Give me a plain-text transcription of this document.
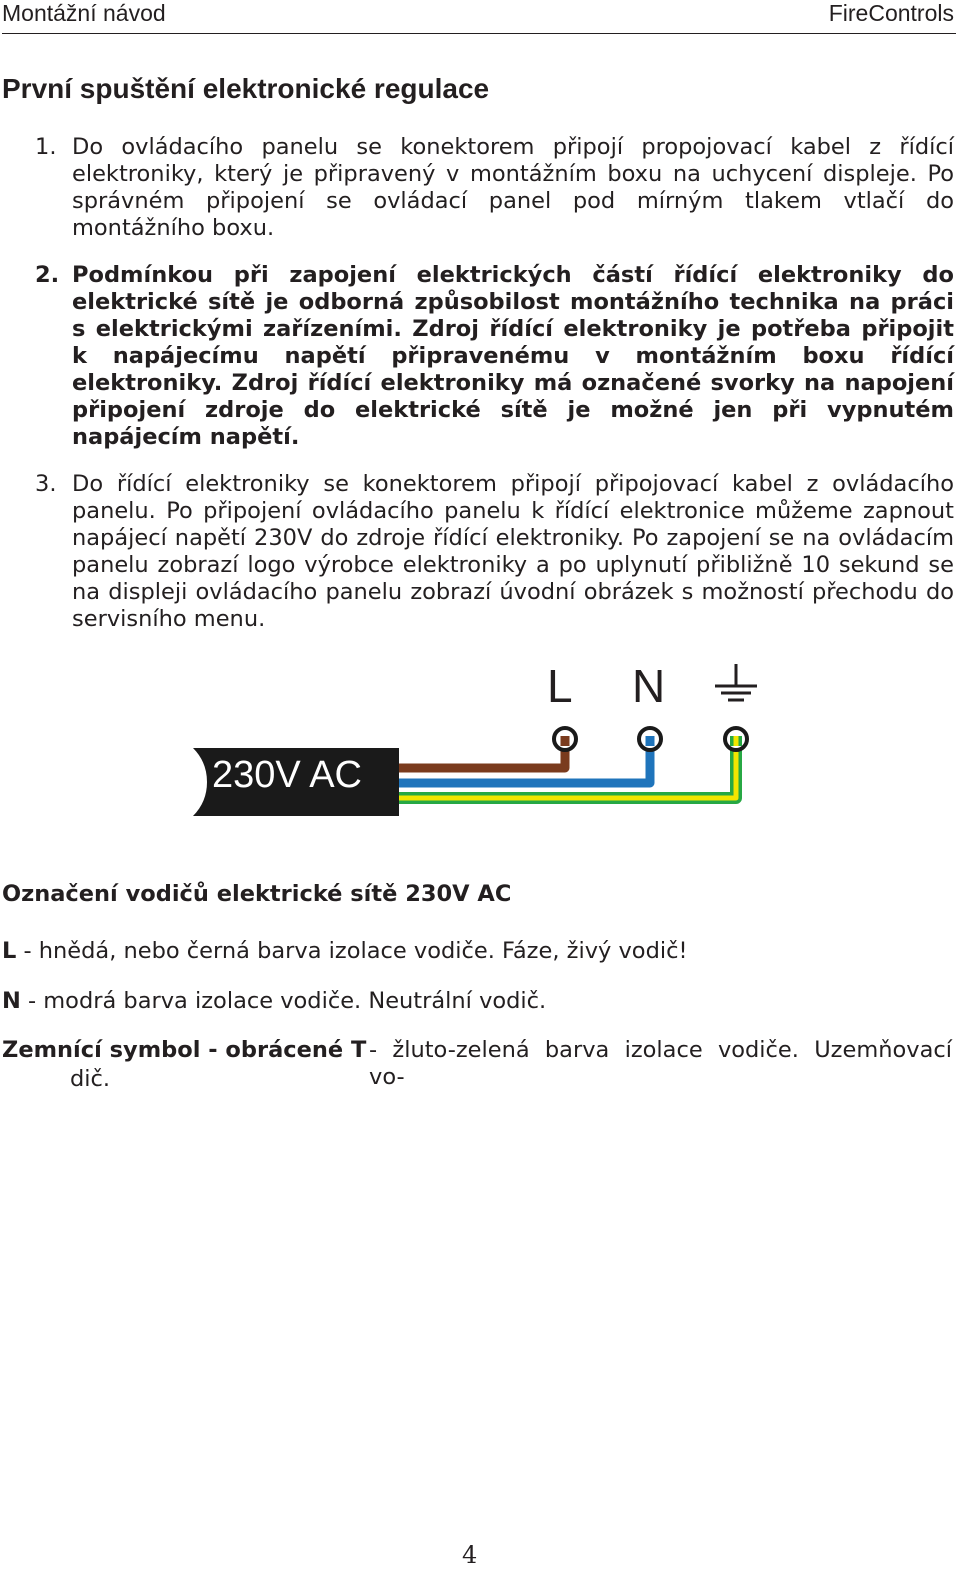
Montážní návod	FireControls
První spuštění elektronické regulace
1. Do ovládacího panelu se konektorem připojí propojovací kabel z řídící elektroniky, který je připravený v montážním boxu na uchycení displeje. Po správném připojení se ovládací panel pod mírným tlakem vtlačí do montážního boxu.
2. Podmínkou při zapojení elektrických částí řídící elektroniky do elektrické sítě je odborná způsobilost montážního technika na práci s elektrickými zařízeními. Zdroj řídící elektroniky je potřeba připojit k napájecímu napětí připravenému v montážním boxu řídící elektroniky. Zdroj řídící elektroniky má označené svorky na napojení připojení zdroje do elektrické sítě je možné jen při vypnutém napájecím napětí.
3. Do řídící elektroniky se konektorem připojí připojovací kabel z ovládacího panelu. Po připojení ovládacího panelu k řídící elektronice můžeme zapnout napájecí napětí 230V do zdroje řídící elektroniky. Po zapojení se na ovládacím panelu zobrazí logo výrobce elektroniky a po uplynutí přibližně 10 sekund se na displeji ovládacího panelu zobrazí úvodní obrázek s možností přechodu do servisního menu.
230V AC
L N
Označení vodičů elektrické sítě 230V AC
L - hnědá, nebo černá barva izolace vodiče. Fáze, živý vodič!
N - modrá barva izolace vodiče. Neutrální vodič.
Zemnící symbol - obrácené T - žluto-zelená barva izolace vodiče. Uzemňovací vo-
dič.
4
